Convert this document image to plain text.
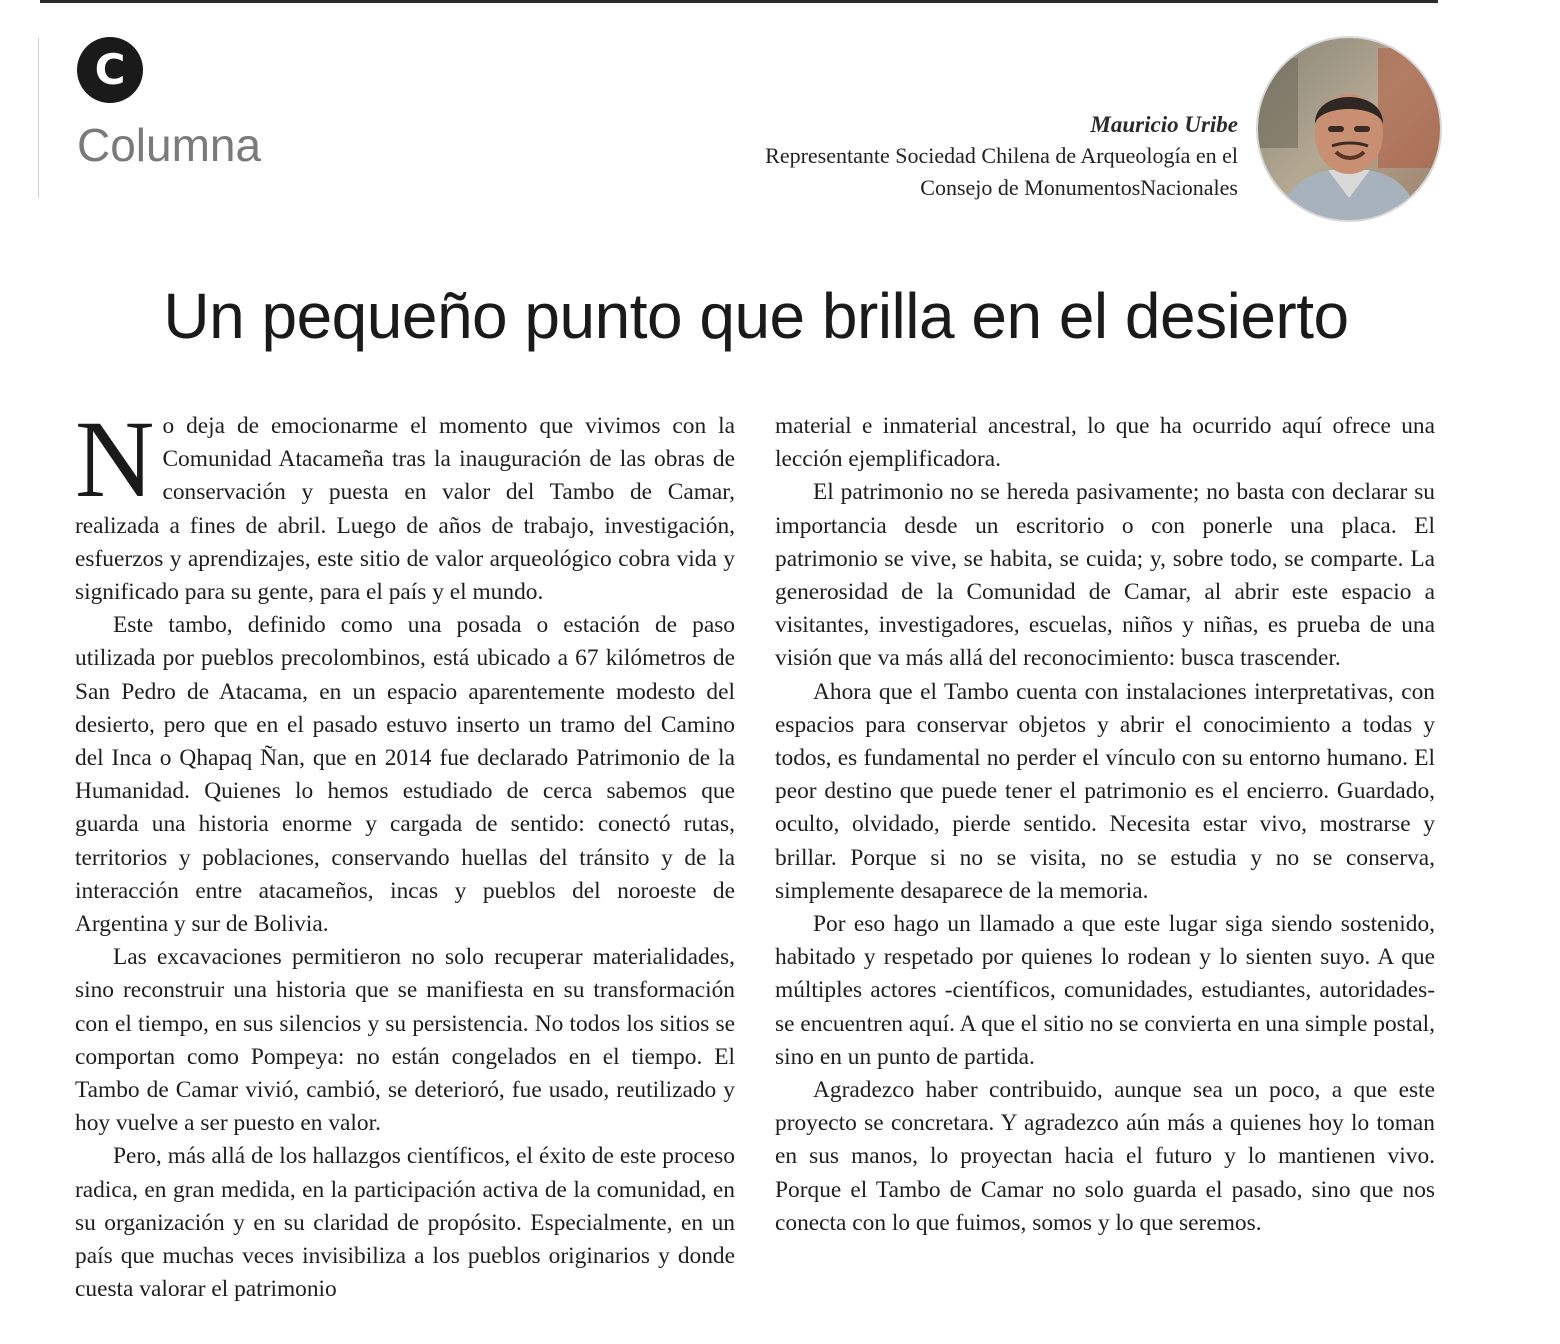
C
Columna	Mauricio Uribe
Representante Sociedad Chilena de Arqueología en el
Consejo de MonumentosNacionales
Un pequeño punto que brilla en el desierto

No deja de emocionarme el momento que vivimos con la Comunidad Atacameña tras la inauguración de las obras de conservación y puesta en valor del Tambo de Camar, realizada a fines de abril. Luego de años de trabajo, investigación, esfuerzos y aprendizajes, este sitio de valor arqueológico cobra vida y significado para su gente, para el país y el mundo.

Este tambo, definido como una posada o estación de paso utilizada por pueblos precolombinos, está ubicado a 67 kilómetros de San Pedro de Atacama, en un espacio aparentemente modesto del desierto, pero que en el pasado estuvo inserto un tramo del Camino del Inca o Qhapaq Ñan, que en 2014 fue declarado Patrimonio de la Humanidad. Quienes lo hemos estudiado de cerca sabemos que guarda una historia enorme y cargada de sentido: conectó rutas, territorios y poblaciones, conservando huellas del tránsito y de la interacción entre atacameños, incas y pueblos del noroeste de Argentina y sur de Bolivia.

Las excavaciones permitieron no solo recuperar materialidades, sino reconstruir una historia que se manifiesta en su transformación con el tiempo, en sus silencios y su persistencia. No todos los sitios se comportan como Pompeya: no están congelados en el tiempo. El Tambo de Camar vivió, cambió, se deterioró, fue usado, reutilizado y hoy vuelve a ser puesto en valor.

Pero, más allá de los hallazgos científicos, el éxito de este proceso radica, en gran medida, en la participación activa de la comunidad, en su organización y en su claridad de propósito. Especialmente, en un país que muchas veces invisibiliza a los pueblos originarios y donde cuesta valorar el patrimonio

material e inmaterial ancestral, lo que ha ocurrido aquí ofrece una lección ejemplificadora.

El patrimonio no se hereda pasivamente; no basta con declarar su importancia desde un escritorio o con ponerle una placa. El patrimonio se vive, se habita, se cuida; y, sobre todo, se comparte. La generosidad de la Comunidad de Camar, al abrir este espacio a visitantes, investigadores, escuelas, niños y niñas, es prueba de una visión que va más allá del reconocimiento: busca trascender.

Ahora que el Tambo cuenta con instalaciones interpretativas, con espacios para conservar objetos y abrir el conocimiento a todas y todos, es fundamental no perder el vínculo con su entorno humano. El peor destino que puede tener el patrimonio es el encierro. Guardado, oculto, olvidado, pierde sentido. Necesita estar vivo, mostrarse y brillar. Porque si no se visita, no se estudia y no se conserva, simplemente desaparece de la memoria.

Por eso hago un llamado a que este lugar siga siendo sostenido, habitado y respetado por quienes lo rodean y lo sienten suyo. A que múltiples actores -científicos, comunidades, estudiantes, autoridades- se encuentren aquí. A que el sitio no se convierta en una simple postal, sino en un punto de partida.

Agradezco haber contribuido, aunque sea un poco, a que este proyecto se concretara. Y agradezco aún más a quienes hoy lo toman en sus manos, lo proyectan hacia el futuro y lo mantienen vivo. Porque el Tambo de Camar no solo guarda el pasado, sino que nos conecta con lo que fuimos, somos y lo que seremos.
